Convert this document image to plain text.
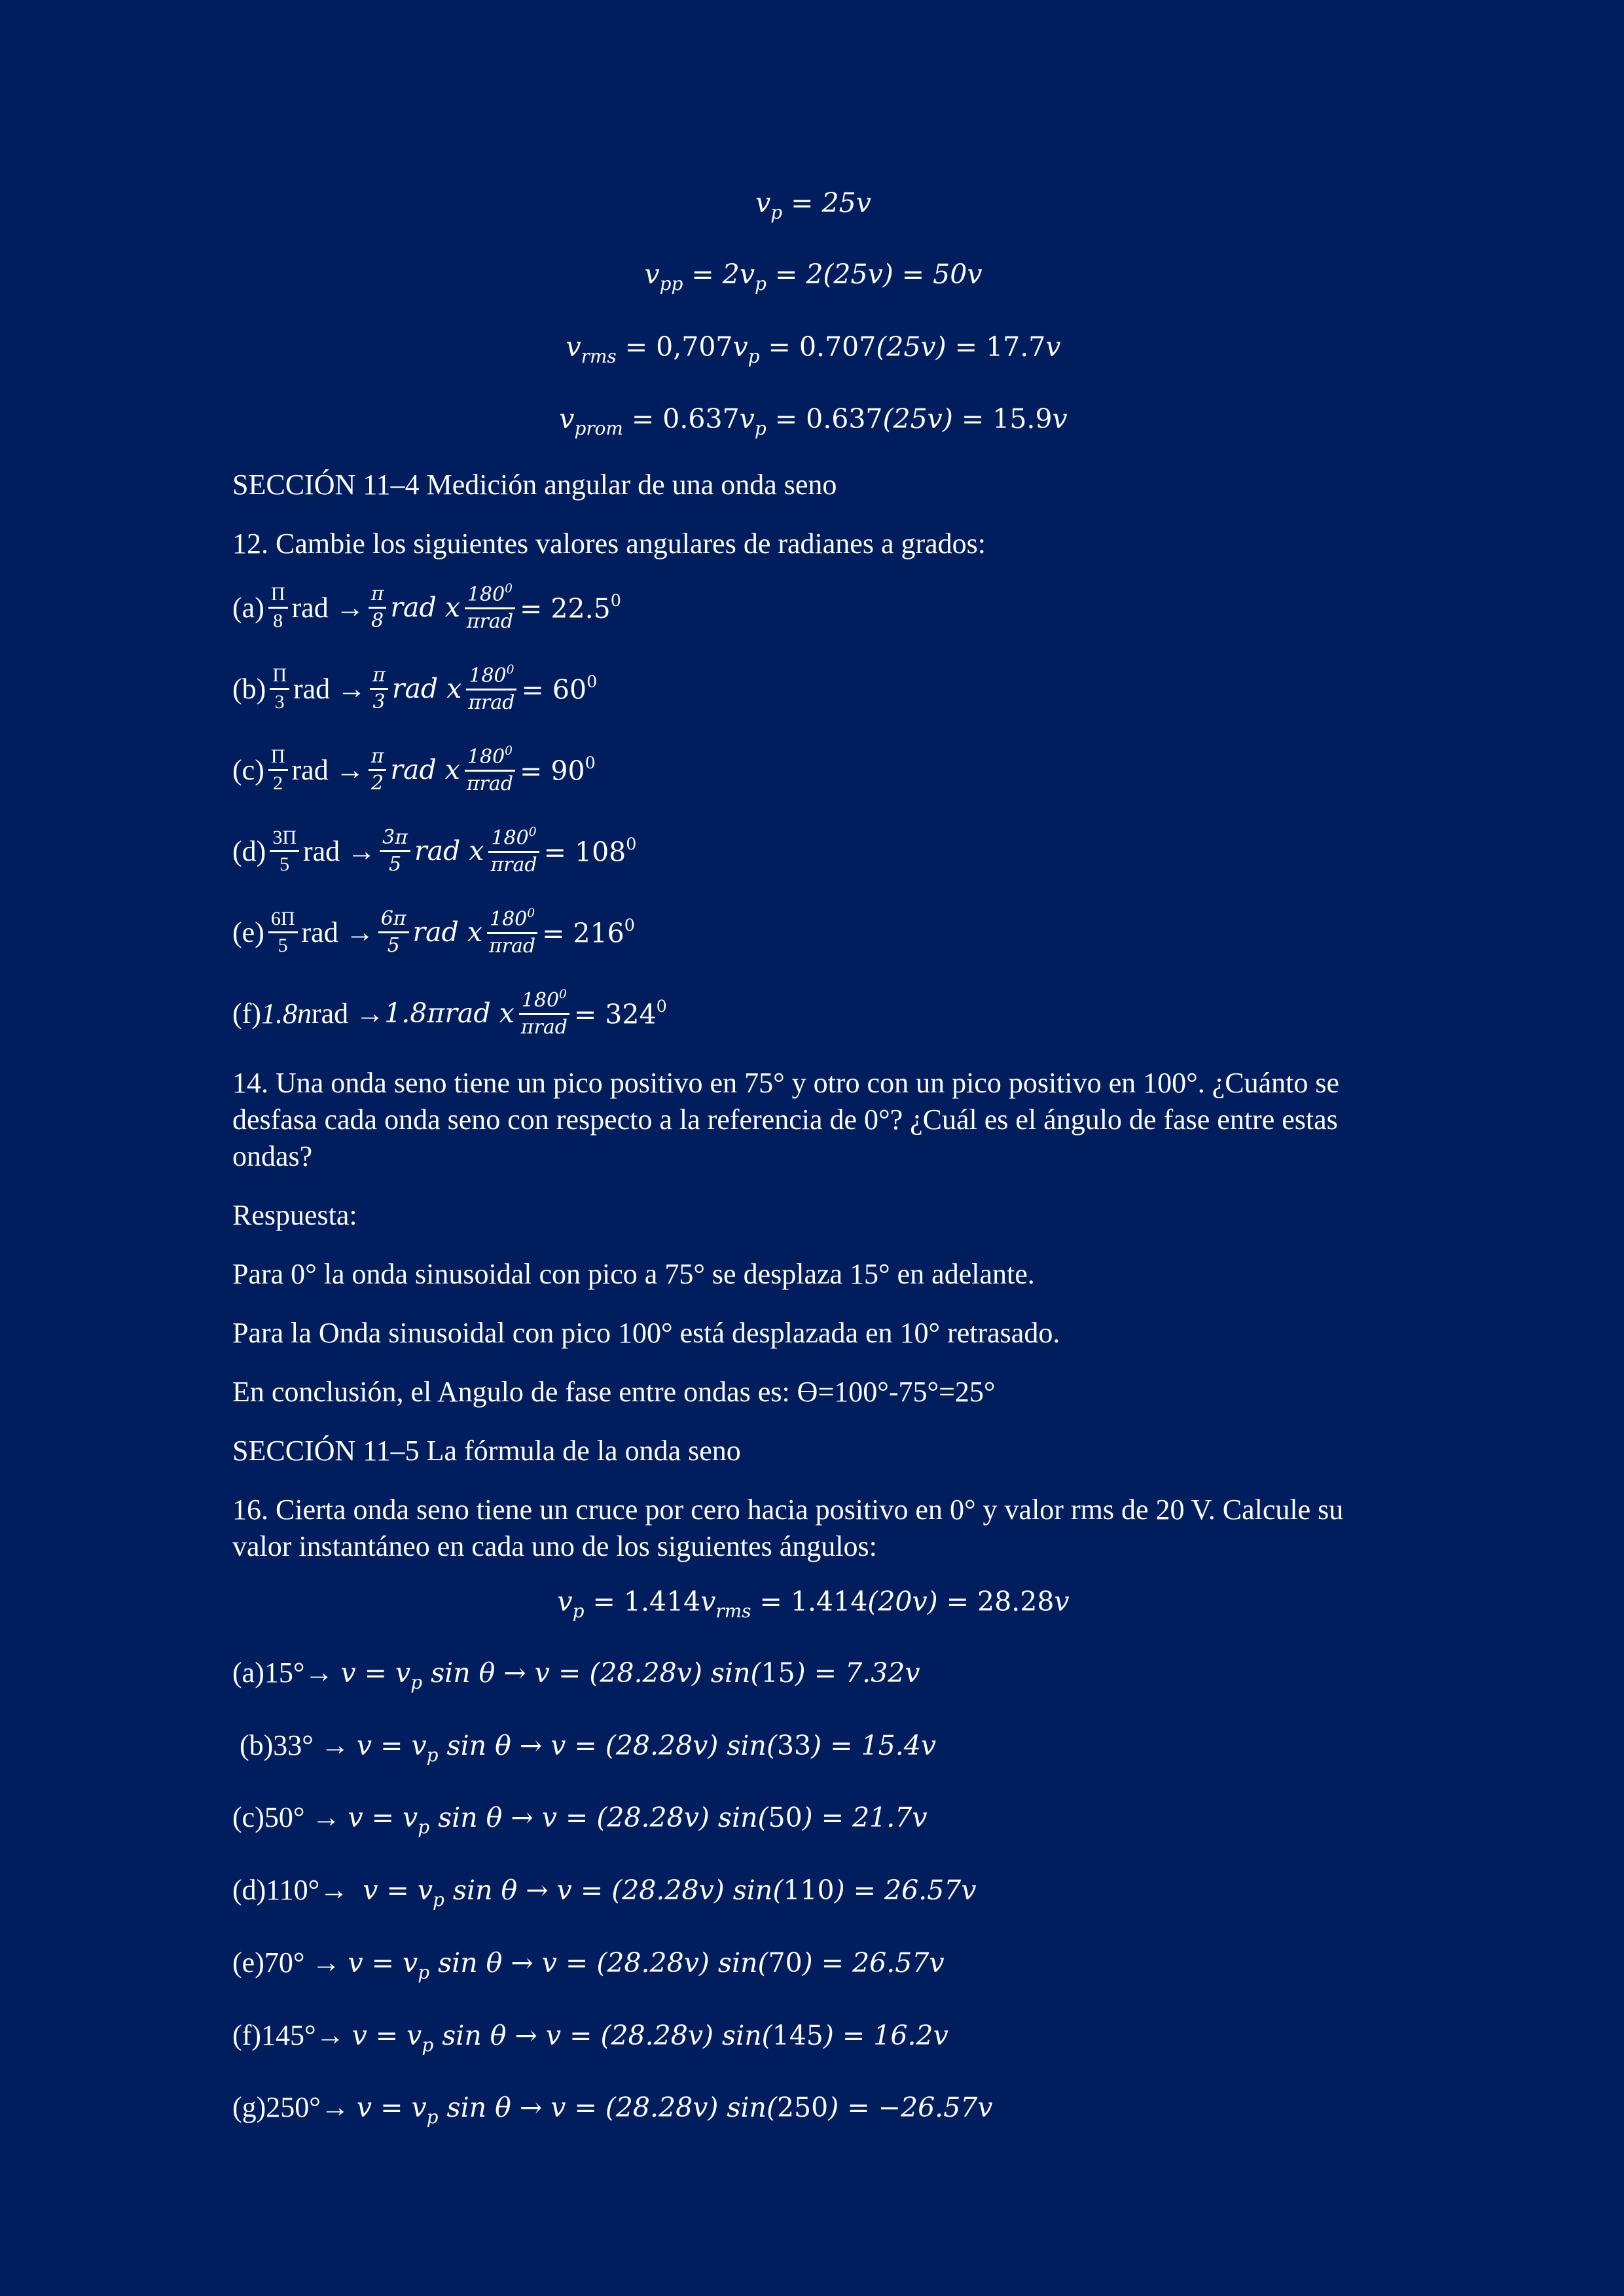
$v_p = 25v$
$v_{pp} = 2v_p = 2(25v) = 50v$
$v_{rms} = 0,707v_p = 0.707(25v) = 17.7v$
$v_{prom} = 0.637v_p = 0.637(25v) = 15.9v$
SECCIÓN 11–4 Medición angular de una onda seno
12. Cambie los siguientes valores angulares de radianes a grados:
$(a) \frac{\Pi}{8}$ rad → $\frac{\pi}{8}$ rad x $\frac{180^0}{\text{πrad}} = 22.5^0$
$(b) \frac{\Pi}{3}$ rad → $\frac{\pi}{3}$ rad x $\frac{180^0}{\text{πrad}} = 60^0$
$(c) \frac{\Pi}{2}$ rad → $\frac{\pi}{2}$ rad x $\frac{180^0}{\text{πrad}} = 90^0$
$(d) \frac{3\Pi}{5}$ rad → $\frac{3\pi}{5}$ rad x $\frac{180^0}{\text{πrad}} = 108^0$
$(e) \frac{6\Pi}{5}$ rad → $\frac{6\pi}{5}$ rad x $\frac{180^0}{\text{πrad}} = 216^0$
(f) 1.8n rad → 1.8π rad x $\frac{180^0}{\text{πrad}} = 324^0$
14. Una onda seno tiene un pico positivo en 75° y otro con un pico positivo en 100°. ¿Cuánto se desfasa cada onda seno con respecto a la referencia de 0°? ¿Cuál es el ángulo de fase entre estas ondas?
Respuesta:
Para 0° la onda sinusoidal con pico a 75° se desplaza 15° en adelante.
Para la Onda sinusoidal con pico 100° está desplazada en 10° retrasado.
En conclusión, el Angulo de fase entre ondas es: Ɵ=100°-75°=25°
SECCIÓN 11–5 La fórmula de la onda seno
16. Cierta onda seno tiene un cruce por cero hacia positivo en 0° y valor rms de 20 V. Calcule su valor instantáneo en cada uno de los siguientes ángulos:
$v_p = 1.414v_{rms} = 1.414(20v) = 28.28v$
$(a)15^\circ\to v = v_p$ sin θ → v = (28.28v) sin(15) = 7.32v
$(b)33^\circ \to v = v_p$ sin θ → v = (28.28v) sin(33) = 15.4v
$(c)50^\circ \to v = v_p$ sin θ → v = (28.28v) sin(50) = 21.7v
$(d)110^\circ\to v = v_p$ sin θ → v = (28.28v) sin(110) = 26.57v
$(e)70^\circ \to v = v_p$ sin θ → v = (28.28v) sin(70) = 26.57v
$(f)145^\circ\to v = v_p$ sin θ → v = (28.28v) sin(145) = 16.2v
$(g)250^\circ\to v = v_p$ sin θ → v = (28.28v) sin(250) = −26.57v
